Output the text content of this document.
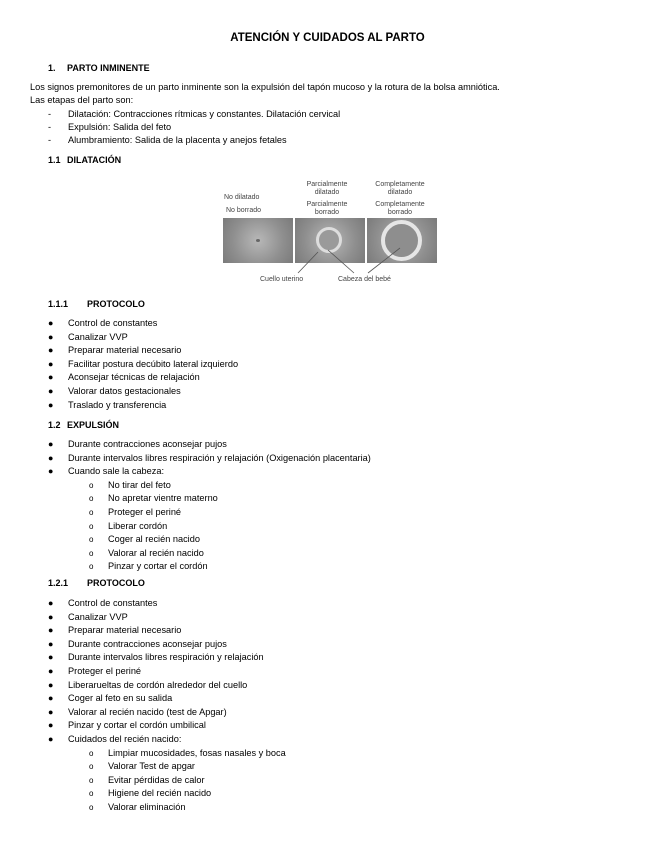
ATENCIÓN Y CUIDADOS AL PARTO
1. PARTO INMINENTE
Los signos premonitores de un parto inminente son la expulsión del tapón mucoso y la rotura de la bolsa amniótica.
Las etapas del parto son:
- Dilatación: Contracciones rítmicas y constantes. Dilatación cervical
- Expulsión: Salida del feto
- Alumbramiento: Salida de la placenta y anejos fetales
1.1 DILATACIÓN
No dilatado
No borrado
Parcialmente dilatado
Parcialmente borrado
Completamente dilatado
Completamente borrado
Cuello uterino	Cabeza del bebé
1.1.1 PROTOCOLO
● Control de constantes
● Canalizar VVP
● Preparar material necesario
● Facilitar postura decúbito lateral izquierdo
● Aconsejar técnicas de relajación
● Valorar datos gestacionales
● Traslado y transferencia
1.2 EXPULSIÓN
● Durante contracciones aconsejar pujos
● Durante intervalos libres respiración y relajación (Oxigenación placentaria)
● Cuando sale la cabeza:
o No tirar del feto
o No apretar vientre materno
o Proteger el periné
o Liberar cordón
o Coger al recién nacido
o Valorar al recién nacido
o Pinzar y cortar el cordón
1.2.1 PROTOCOLO
● Control de constantes
● Canalizar VVP
● Preparar material necesario
● Durante contracciones aconsejar pujos
● Durante intervalos libres respiración y relajación
● Proteger el periné
● Liberarueltas de cordón alrededor del cuello
● Coger al feto en su salida
● Valorar al recién nacido (test de Apgar)
● Pinzar y cortar el cordón umbilical
● Cuidados del recién nacido:
o Limpiar mucosidades, fosas nasales y boca
o Valorar Test de apgar
o Evitar pérdidas de calor
o Higiene del recién nacido
o Valorar eliminación
